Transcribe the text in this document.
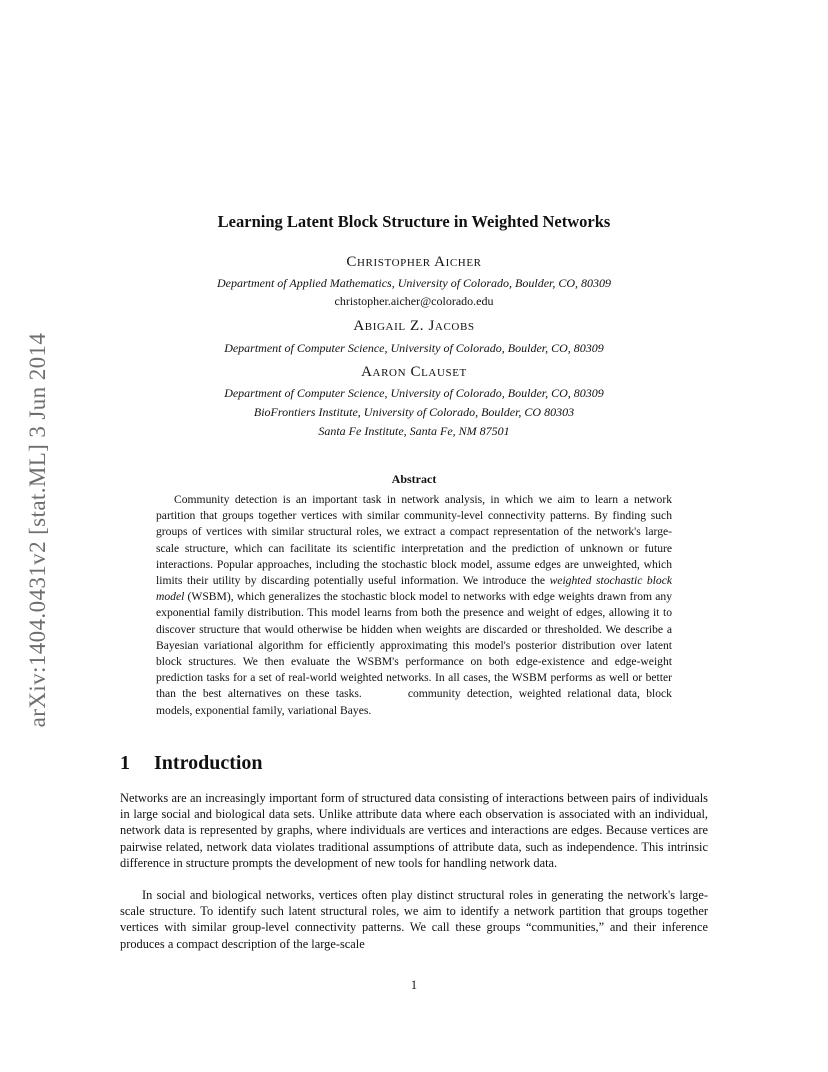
arXiv:1404.0431v2 [stat.ML] 3 Jun 2014
Learning Latent Block Structure in Weighted Networks
Christopher Aicher
Department of Applied Mathematics, University of Colorado, Boulder, CO, 80309
christopher.aicher@colorado.edu
Abigail Z. Jacobs
Department of Computer Science, University of Colorado, Boulder, CO, 80309
Aaron Clauset
Department of Computer Science, University of Colorado, Boulder, CO, 80309
BioFrontiers Institute, University of Colorado, Boulder, CO 80303
Santa Fe Institute, Santa Fe, NM 87501
Abstract

Community detection is an important task in network analysis, in which we aim to learn a network partition that groups together vertices with similar community-level connectivity patterns. By finding such groups of vertices with similar structural roles, we extract a compact representation of the network's large-scale structure, which can facilitate its scientific interpretation and the prediction of unknown or future interactions. Popular approaches, including the stochastic block model, assume edges are unweighted, which limits their utility by discarding potentially useful information. We introduce the weighted stochastic block model (WSBM), which generalizes the stochastic block model to networks with edge weights drawn from any exponential family distribution. This model learns from both the presence and weight of edges, allowing it to discover structure that would otherwise be hidden when weights are discarded or thresholded. We describe a Bayesian variational algorithm for efficiently approximating this model's posterior distribution over latent block structures. We then evaluate the WSBM's performance on both edge-existence and edge-weight prediction tasks for a set of real-world weighted networks. In all cases, the WSBM performs as well or better than the best alternatives on these tasks.	community detection, weighted relational data, block models, exponential family, variational Bayes.

1 Introduction

Networks are an increasingly important form of structured data consisting of interactions between pairs of individuals in large social and biological data sets. Unlike attribute data where each observation is associated with an individual, network data is represented by graphs, where individuals are vertices and interactions are edges. Because vertices are pairwise related, network data violates traditional assumptions of attribute data, such as independence. This intrinsic difference in structure prompts the development of new tools for handling network data.

In social and biological networks, vertices often play distinct structural roles in generating the network's large-scale structure. To identify such latent structural roles, we aim to identify a network partition that groups together vertices with similar group-level connectivity patterns. We call these groups “communities,” and their inference produces a compact description of the large-scale

1
